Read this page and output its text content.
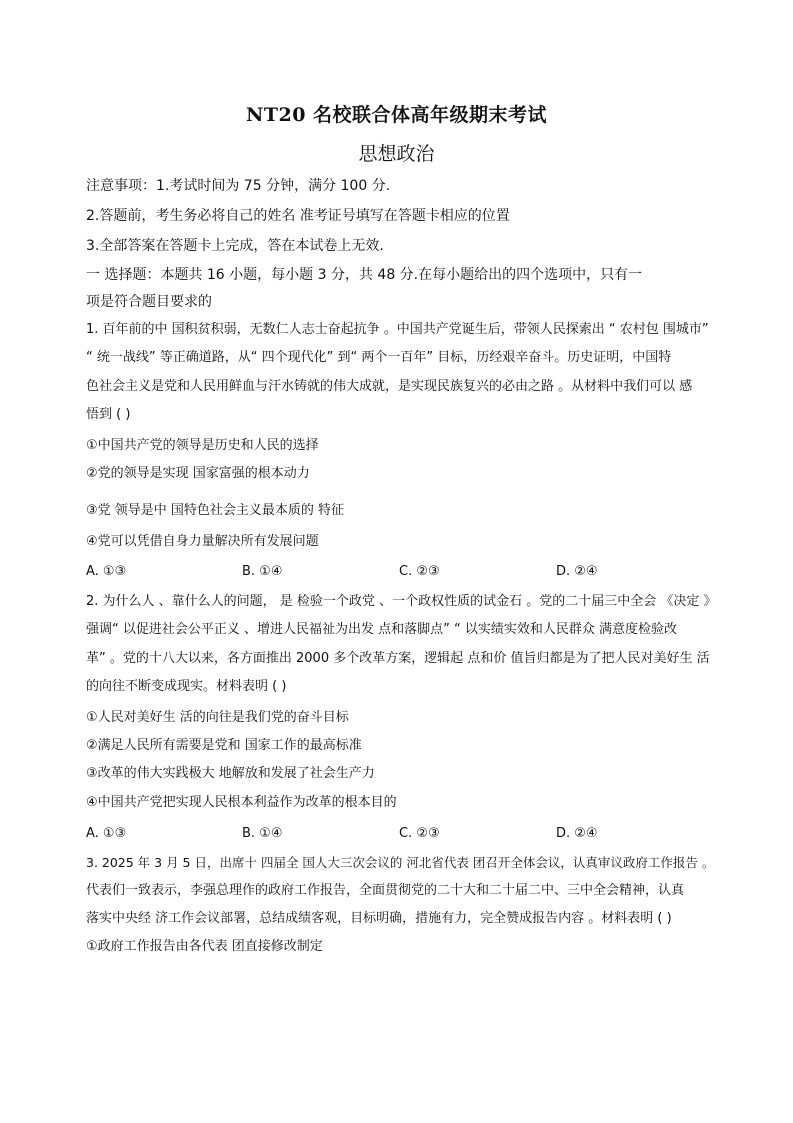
NT20 名校联合体高年级期末考试
思想政治
注意事项：1.考试时间为 75 分钟，满分 100 分.
2.答题前，考生务必将自己的姓名 准考证号填写在答题卡相应的位置
3.全部答案在答题卡上完成，答在本试卷上无效.
一 选择题：本题共 16 小题，每小题 3 分，共 48 分.在每小题给出的四个选项中，只有一
项是符合题目要求的
1. 百年前的中 国积贫积弱，无数仁人志士奋起抗争 。中国共产党诞生后，带领人民探索出 “ 农村包 围城市”
“ 统一战线” 等正确道路，从“ 四个现代化” 到“ 两个一百年” 目标，历经艰辛奋斗。历史证明，中国特
色社会主义是党和人民用鲜血与汗水铸就的伟大成就，是实现民族复兴的必由之路 。从材料中我们可以 感
悟到 ( )
①中国共产党的领导是历史和人民的选择
②党的领导是实现 国家富强的根本动力
③党 领导是中 国特色社会主义最本质的 特征
④党可以凭借自身力量解决所有发展问题
A. ①③	B. ①④	C. ②③	D. ②④
2. 为什么人 、靠什么人的问题， 是 检验一个政党 、一个政权性质的试金石 。党的二十届三中全会 《决定 》
强调“ 以促进社会公平正义 、增进人民福祉为出发 点和落脚点” “ 以实绩实效和人民群众 满意度检验改
革” 。党的十八大以来，各方面推出 2000 多个改革方案，逻辑起 点和价 值旨归都是为了把人民对美好生 活
的向往不断变成现实。材料表明 ( )
①人民对美好生 活的向往是我们党的奋斗目标
②满足人民所有需要是党和 国家工作的最高标准
③改革的伟大实践极大 地解放和发展了社会生产力
④中国共产党把实现人民根本利益作为改革的根本目的
A. ①③	B. ①④	C. ②③	D. ②④
3. 2025 年 3 月 5 日，出席十 四届全 国人大三次会议的 河北省代表 团召开全体会议，认真审议政府工作报告 。
代表们一致表示，李强总理作的政府工作报告，全面贯彻党的二十大和二十届二中、三中全会精神，认真
落实中央经 济工作会议部署，总结成绩客观，目标明确，措施有力，完全赞成报告内容 。材料表明 ( )
①政府工作报告由各代表 团直接修改制定
